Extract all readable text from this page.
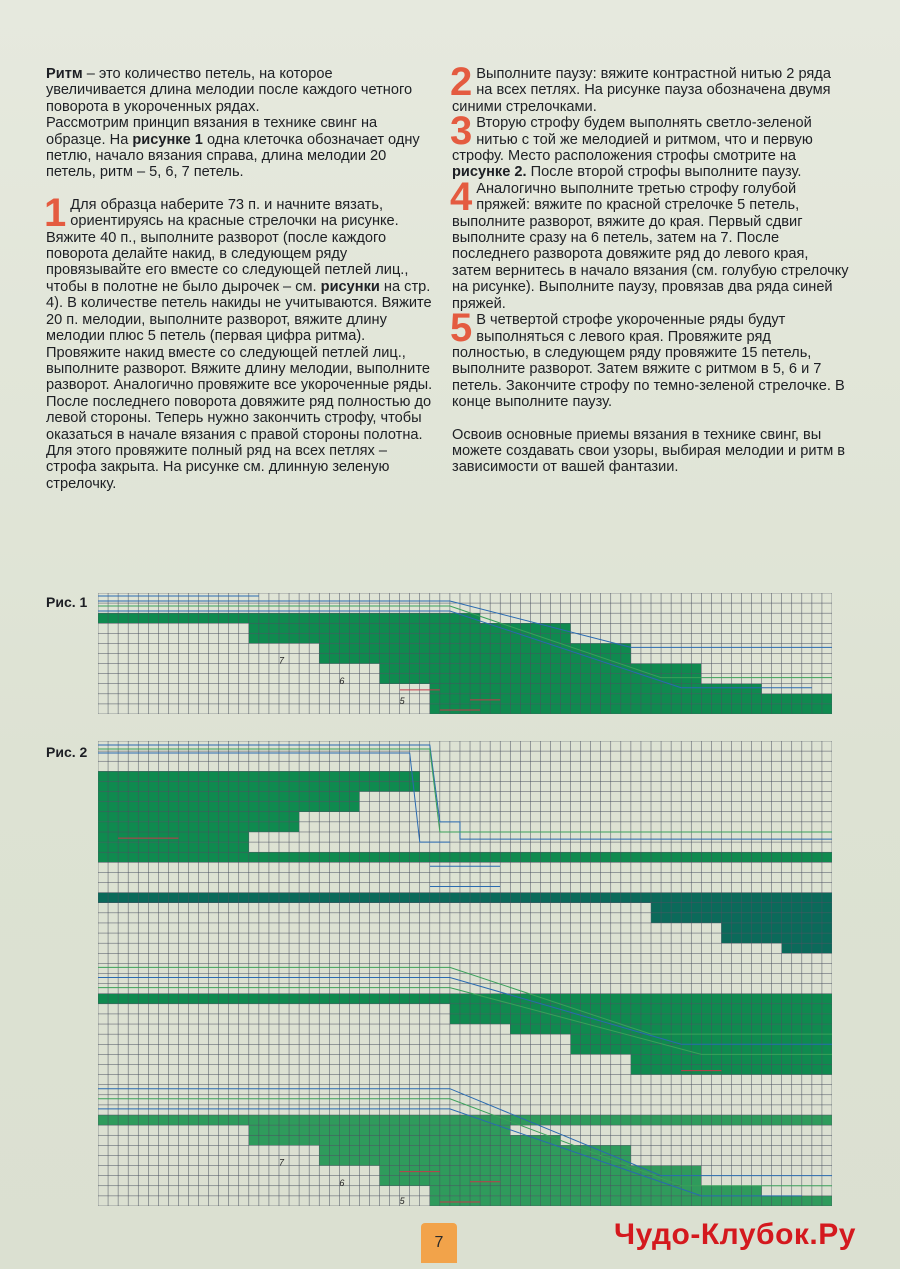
Ритм – это количество петель, на которое увеличивается длина мелодии после каждого четного поворота в укороченных рядах.

Рассмотрим принцип вязания в технике свинг на образце. На рисунке 1 одна клеточка обозначает одну петлю, начало вязания справа, длина мелодии 20 петель, ритм – 5, 6, 7 петель.

1 Для образца наберите 73 п. и начните вязать, ориентируясь на красные стрелочки на рисунке. Вяжите 40 п., выполните разворот (после каждого поворота делайте накид, в следующем ряду провязывайте его вместе со следующей петлей лиц., чтобы в полотне не было дырочек – см. рисунки на стр. 4). В количестве петель накиды не учитываются. Вяжите 20 п. мелодии, выполните разворот, вяжите длину мелодии плюс 5 петель (первая цифра ритма). Провяжите накид вместе со следующей петлей лиц., выполните разворот. Вяжите длину мелодии, выполните разворот. Аналогично провяжите все укороченные ряды. После последнего поворота довяжите ряд полностью до левой стороны. Теперь нужно закончить строфу, чтобы оказаться в начале вязания с правой стороны полотна. Для этого провяжите полный ряд на всех петлях – строфа закрыта. На рисунке см. длинную зеленую стрелочку.

2 Выполните паузу: вяжите контрастной нитью 2 ряда на всех петлях. На рисунке пауза обозначена двумя синими стрелочками.

3 Вторую строфу будем выполнять светло-зеленой нитью с той же мелодией и ритмом, что и первую строфу. Место расположения строфы смотрите на рисунке 2. После второй строфы выполните паузу.

4 Аналогично выполните третью строфу голубой пряжей: вяжите по красной стрелочке 5 петель, выполните разворот, вяжите до края. Первый сдвиг выполните сразу на 6 петель, затем на 7. После последнего разворота довяжите ряд до левого края, затем вернитесь в начало вязания (см. голубую стрелочку на рисунке). Выполните паузу, провязав два ряда синей пряжей.

5 В четвертой строфе укороченные ряды будут выполняться с левого края. Провяжите ряд полностью, в следующем ряду провяжите 15 петель, выполните разворот. Затем вяжите с ритмом в 5, 6 и 7 петель. Закончите строфу по темно-зеленой стрелочке. В конце выполните паузу.

Освоив основные приемы вязания в технике свинг, вы можете создавать свои узоры, выбирая мелодии и ритм в зависимости от вашей фантазии.

Рис. 1
7
6
5
Рис. 2
7
6
5
7	Чудо-Клубок.Ру
